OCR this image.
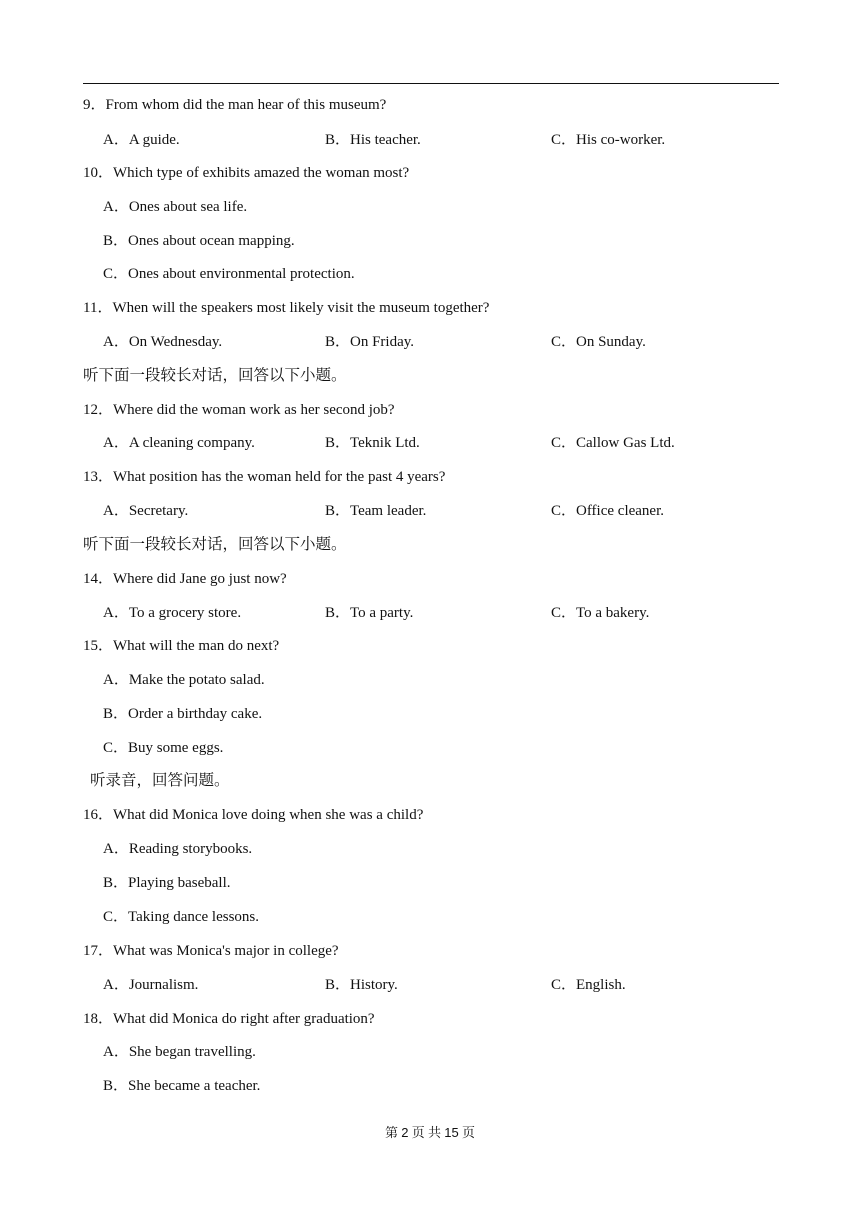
9．From whom did the man hear of this museum?
A．A guide.	B．His teacher.	C．His co-worker.
10．Which type of exhibits amazed the woman most?
A．Ones about sea life.
B．Ones about ocean mapping.
C．Ones about environmental protection.
11．When will the speakers most likely visit the museum together?
A．On Wednesday.	B．On Friday.	C．On Sunday.
听下面一段较长对话，回答以下小题。
12．Where did the woman work as her second job?
A．A cleaning company.	B．Teknik Ltd.	C．Callow Gas Ltd.
13．What position has the woman held for the past 4 years?
A．Secretary.	B．Team leader.	C．Office cleaner.
听下面一段较长对话，回答以下小题。
14．Where did Jane go just now?
A．To a grocery store.	B．To a party.	C．To a bakery.
15．What will the man do next?
A．Make the potato salad.
B．Order a birthday cake.
C．Buy some eggs.
听录音，回答问题。
16．What did Monica love doing when she was a child?
A．Reading storybooks.
B．Playing baseball.
C．Taking dance lessons.
17．What was Monica's major in college?
A．Journalism.	B．History.	C．English.
18．What did Monica do right after graduation?
A．She began travelling.
B．She became a teacher.
第 2 页 共 15 页
